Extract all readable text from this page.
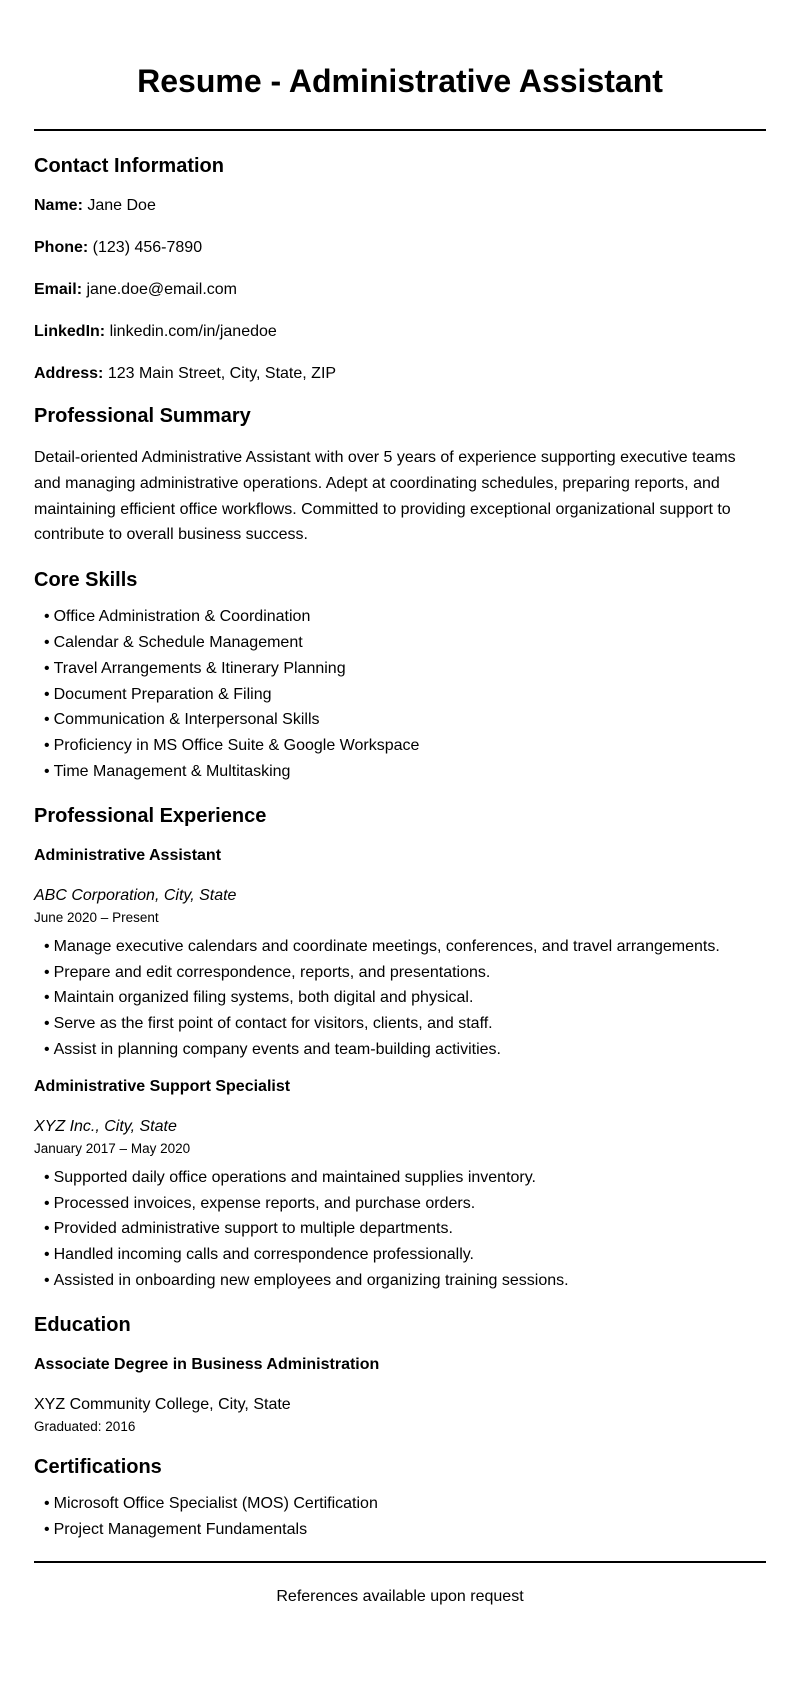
Resume - Administrative Assistant
Contact Information

Name: Jane Doe

Phone: (123) 456-7890

Email: jane.doe@email.com

LinkedIn: linkedin.com/in/janedoe

Address: 123 Main Street, City, State, ZIP

Professional Summary

Detail-oriented Administrative Assistant with over 5 years of experience supporting executive teams and managing administrative operations. Adept at coordinating schedules, preparing reports, and maintaining efficient office workflows. Committed to providing exceptional organizational support to contribute to overall business success.

Core Skills
• Office Administration & Coordination
• Calendar & Schedule Management
• Travel Arrangements & Itinerary Planning
• Document Preparation & Filing
• Communication & Interpersonal Skills
• Proficiency in MS Office Suite & Google Workspace
• Time Management & Multitasking
Professional Experience
Administrative Assistant

ABC Corporation, City, State

June 2020 – Present

• Manage executive calendars and coordinate meetings, conferences, and travel arrangements.
• Prepare and edit correspondence, reports, and presentations.
• Maintain organized filing systems, both digital and physical.
• Serve as the first point of contact for visitors, clients, and staff.
• Assist in planning company events and team-building activities.
Administrative Support Specialist

XYZ Inc., City, State

January 2017 – May 2020

• Supported daily office operations and maintained supplies inventory.
• Processed invoices, expense reports, and purchase orders.
• Provided administrative support to multiple departments.
• Handled incoming calls and correspondence professionally.
• Assisted in onboarding new employees and organizing training sessions.
Education
Associate Degree in Business Administration

XYZ Community College, City, State

Graduated: 2016

Certifications
• Microsoft Office Specialist (MOS) Certification
• Project Management Fundamentals

References available upon request
